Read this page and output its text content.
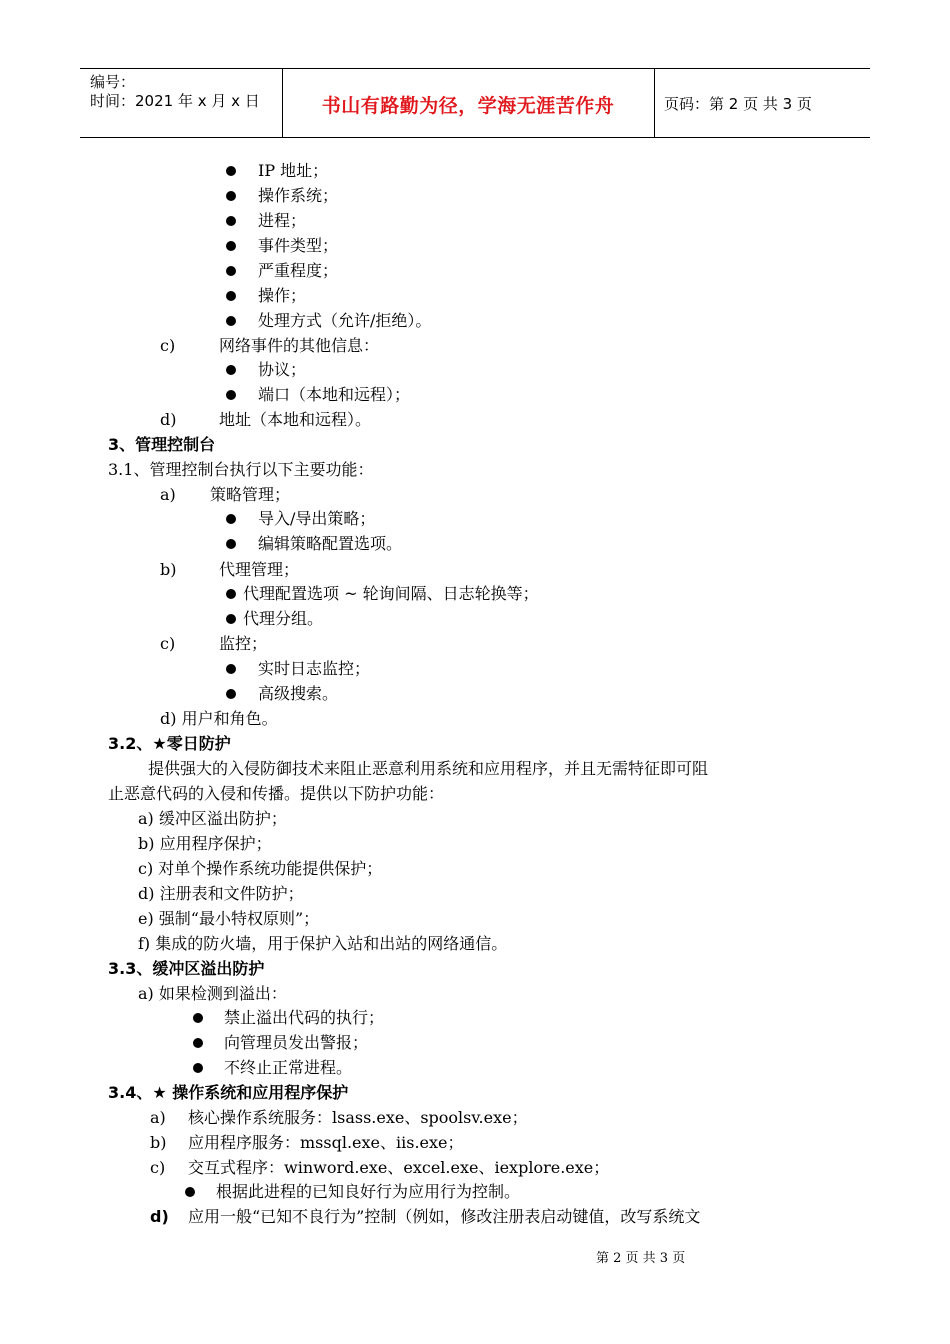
编号：
时间：2021 年 x 月 x 日	书山有路勤为径，学海无涯苦作舟	页码：第 2 页 共 3 页
IP 地址；
操作系统；
进程；
事件类型；
严重程度；
操作；
处理方式（允许/拒绝）。
c)	网络事件的其他信息：
协议；
端口（本地和远程）；
d)	地址（本地和远程）。
3、管理控制台
3.1、管理控制台执行以下主要功能：
a) 策略管理；
导入/导出策略；
编辑策略配置选项。
b)	代理管理；
代理配置选项 ~ 轮询间隔、日志轮换等；
代理分组。
c)	监控；
实时日志监控；
高级搜索。
d) 用户和角色。
3.2、★零日防护
提供强大的入侵防御技术来阻止恶意利用系统和应用程序，并且无需特征即可阻
止恶意代码的入侵和传播。提供以下防护功能：
a) 缓冲区溢出防护；
b) 应用程序保护；
c) 对单个操作系统功能提供保护；
d) 注册表和文件防护；
e) 强制“最小特权原则”；
f) 集成的防火墙，用于保护入站和出站的网络通信。
3.3、缓冲区溢出防护
a) 如果检测到溢出：
禁止溢出代码的执行；
向管理员发出警报；
不终止正常进程。
3.4、★ 操作系统和应用程序保护
a) 核心操作系统服务：lsass.exe、spoolsv.exe；
b) 应用程序服务：mssql.exe、iis.exe；
c) 交互式程序：winword.exe、excel.exe、iexplore.exe；
根据此进程的已知良好行为应用行为控制。
d) 应用一般“已知不良行为”控制（例如，修改注册表启动键值，改写系统文
第 2 页 共 3 页
